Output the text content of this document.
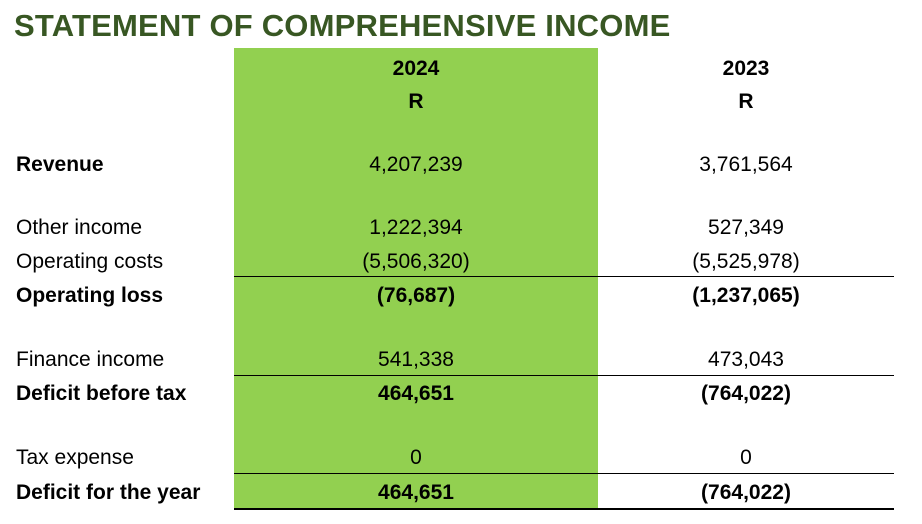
STATEMENT OF COMPREHENSIVE INCOME
2024
R
2023
R
Revenue	4,207,239	3,761,564
Other income	1,222,394	527,349
Operating costs	(5,506,320)	(5,525,978)
Operating loss	(76,687)	(1,237,065)
Finance income	541,338	473,043
Deficit before tax	464,651	(764,022)
Tax expense	0	0
Deficit for the year	464,651	(764,022)
